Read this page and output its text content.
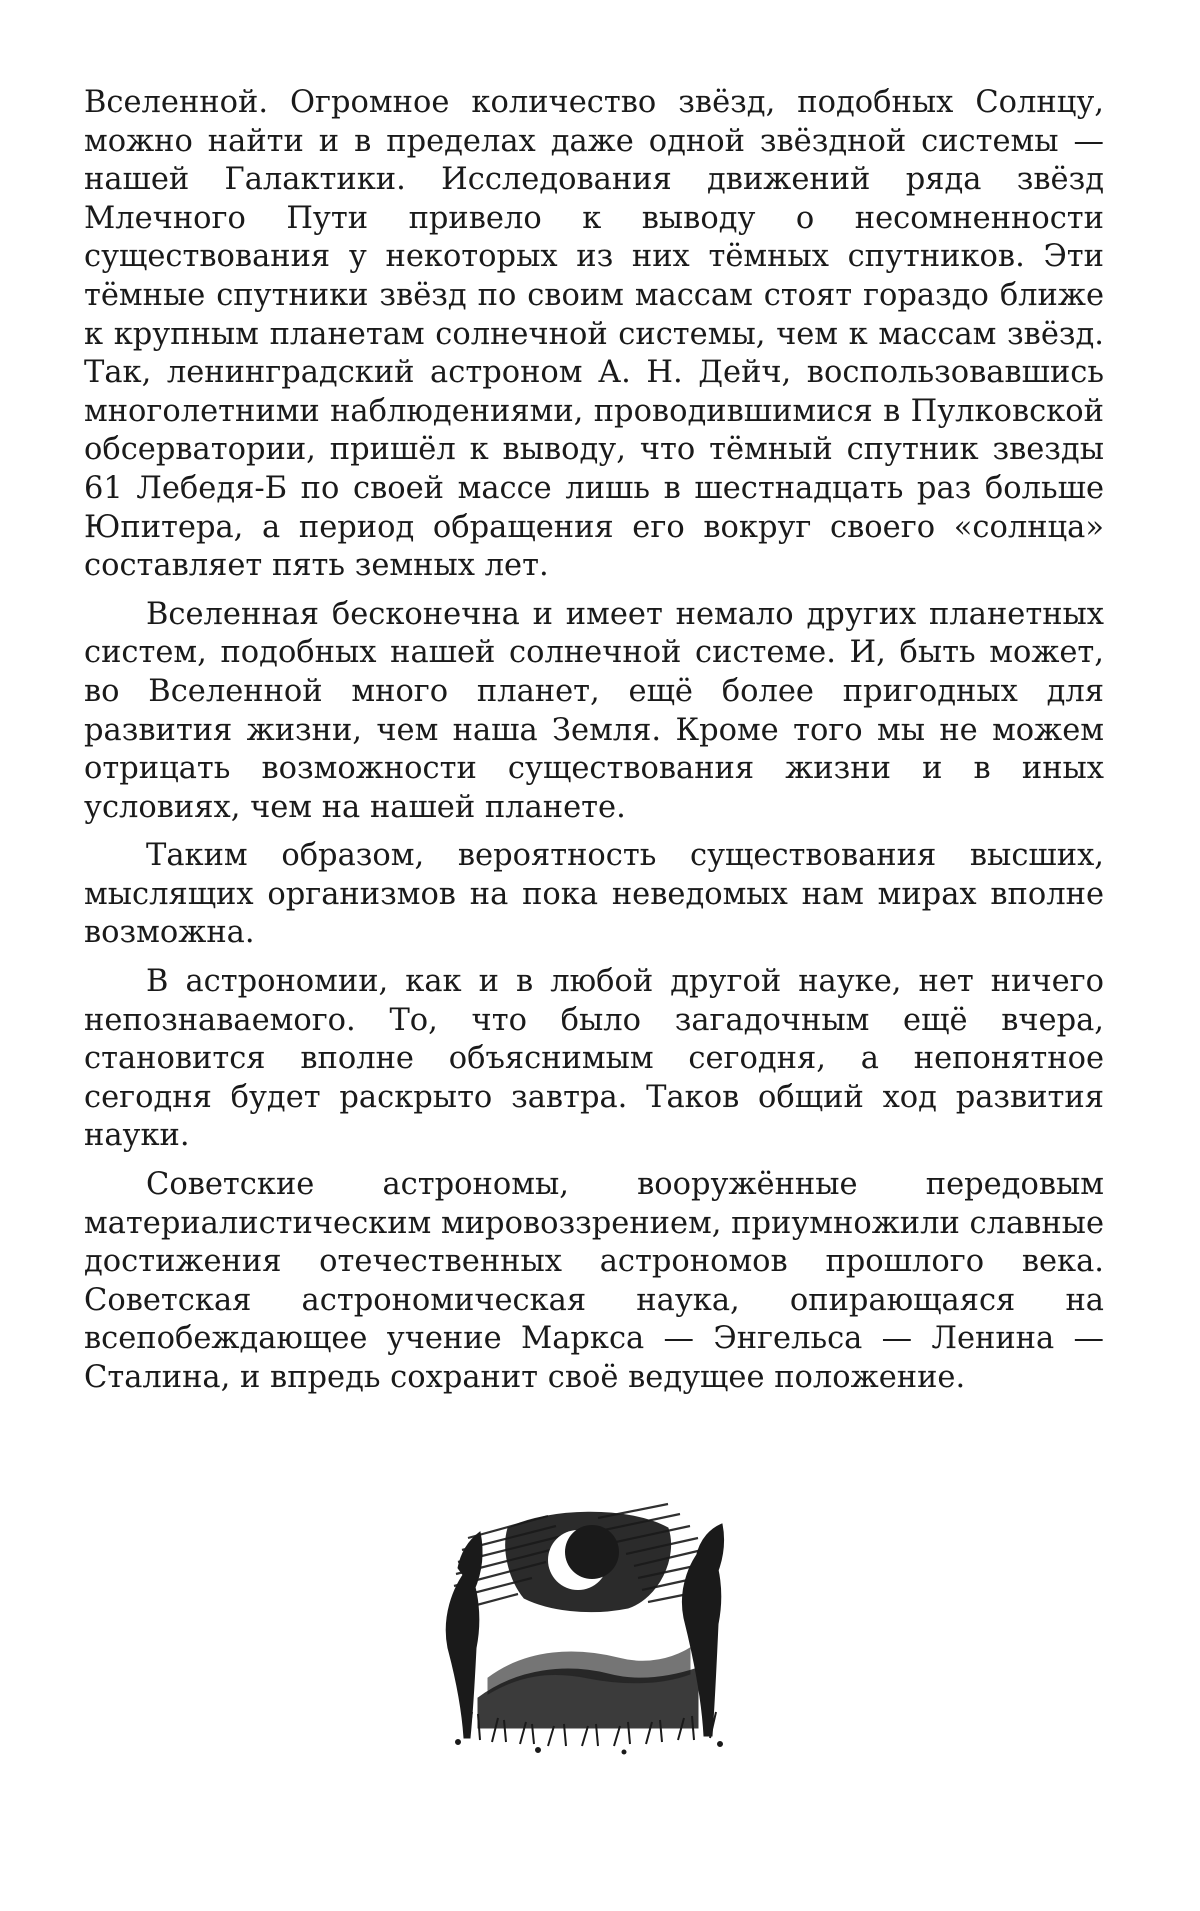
Вселенной. Огромное количество звёзд, подобных Солнцу, можно найти и в пределах даже одной звёздной системы — нашей Галактики. Исследования движений ряда звёзд Млечного Пути привело к выводу о несомненности существования у некоторых из них тёмных спутников. Эти тёмные спутники звёзд по своим массам стоят гораздо ближе к крупным планетам солнечной системы, чем к массам звёзд. Так, ленинградский астроном А. Н. Дейч, воспользовавшись многолетними наблюдениями, проводившимися в Пулковской обсерватории, пришёл к выводу, что тёмный спутник звезды 61 Лебедя-Б по своей массе лишь в шестнадцать раз больше Юпитера, а период обращения его вокруг своего «солнца» составляет пять земных лет.

Вселенная бесконечна и имеет немало других планетных систем, подобных нашей солнечной системе. И, быть может, во Вселенной много планет, ещё более пригодных для развития жизни, чем наша Земля. Кроме того мы не можем отрицать возможности существования жизни и в иных условиях, чем на нашей планете.

Таким образом, вероятность существования высших, мыслящих организмов на пока неведомых нам мирах вполне возможна.

В астрономии, как и в любой другой науке, нет ничего непознаваемого. То, что было загадочным ещё вчера, становится вполне объяснимым сегодня, а непонятное сегодня будет раскрыто завтра. Таков общий ход развития науки.

Советские астрономы, вооружённые передовым материалистическим мировоззрением, приумножили славные достижения отечественных астрономов прошлого века. Советская астрономическая наука, опирающаяся на всепобеждающее учение Маркса — Энгельса — Ленина — Сталина, и впредь сохранит своё ведущее положение.
